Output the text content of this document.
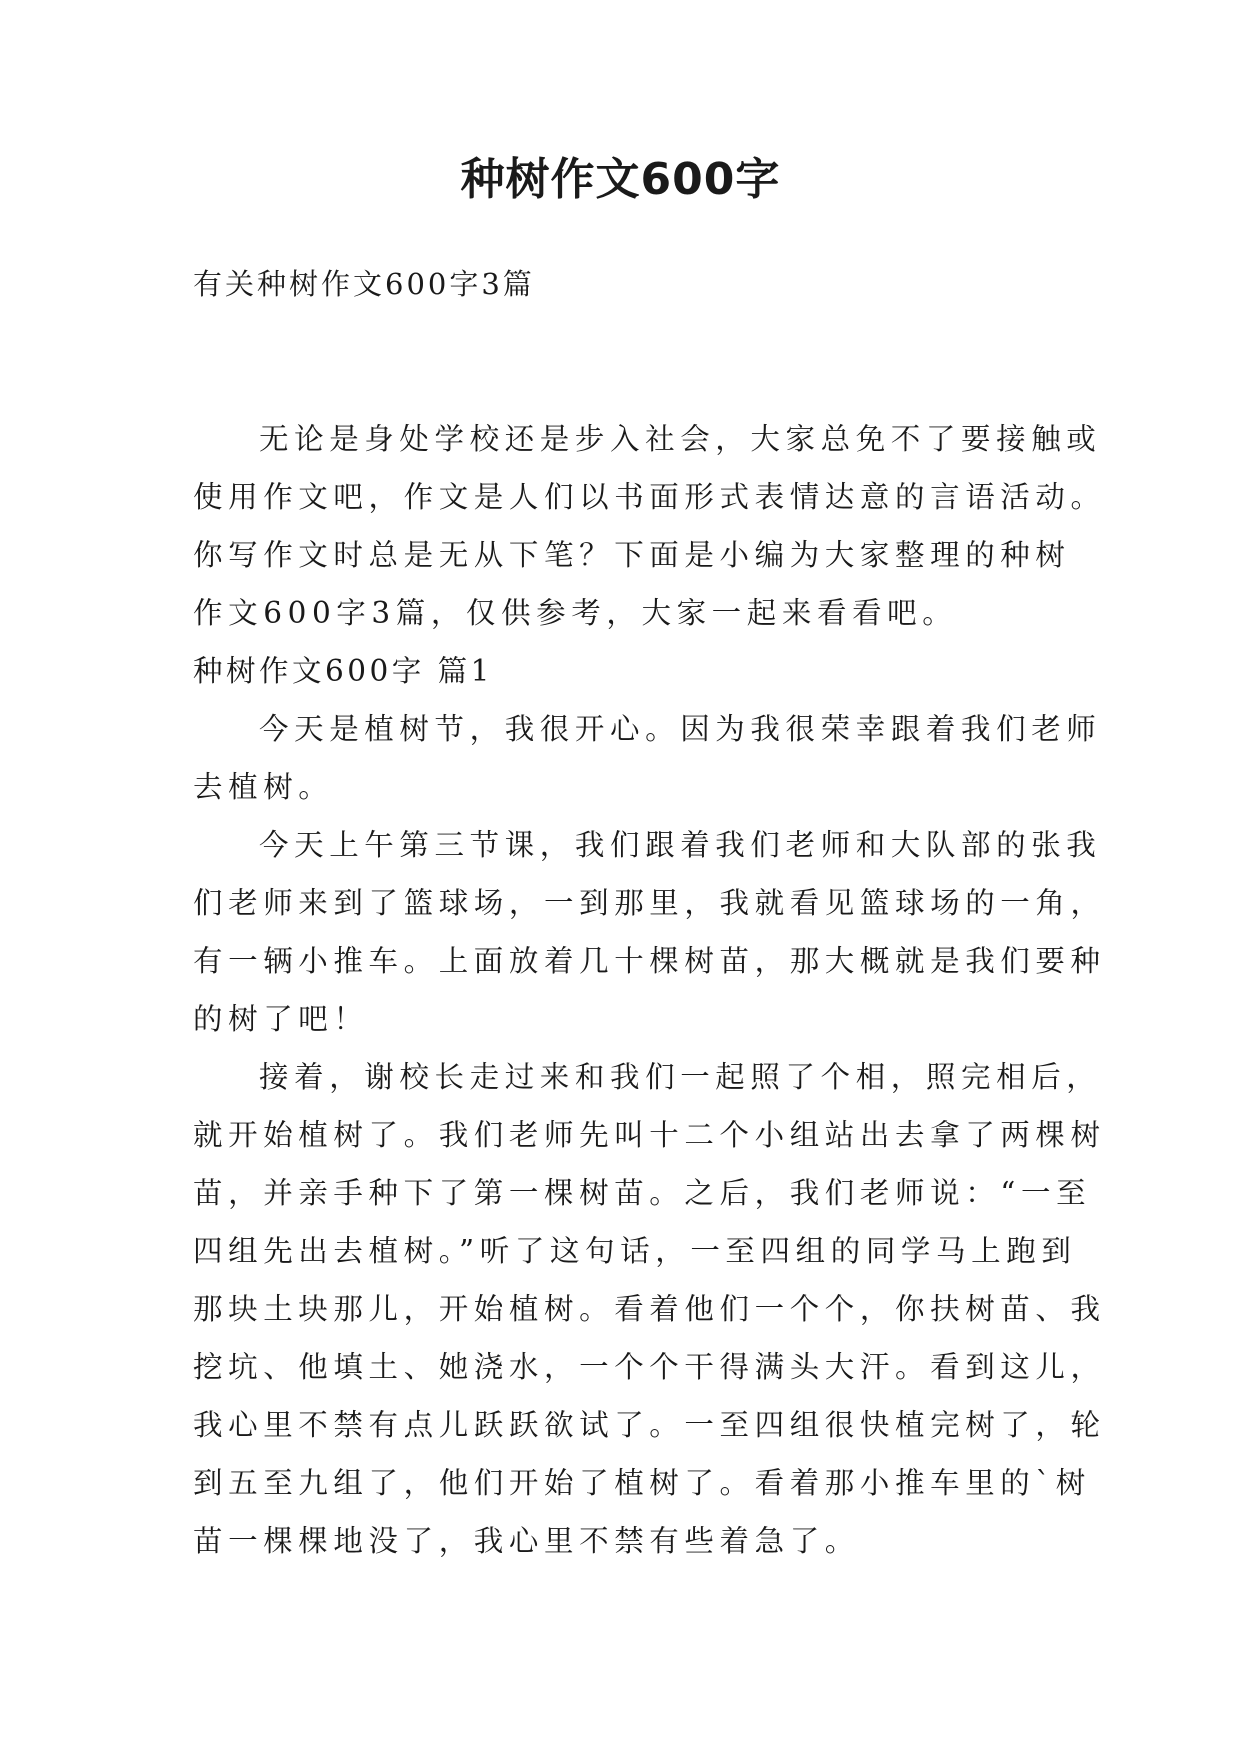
种树作文600字
有关种树作文600字3篇
无论是身处学校还是步入社会，大家总免不了要接触或
使用作文吧，作文是人们以书面形式表情达意的言语活动。
你写作文时总是无从下笔？下面是小编为大家整理的种树
作文600字3篇，仅供参考，大家一起来看看吧。
种树作文600字 篇1
今天是植树节，我很开心。因为我很荣幸跟着我们老师
去植树。
今天上午第三节课，我们跟着我们老师和大队部的张我
们老师来到了篮球场，一到那里，我就看见篮球场的一角，
有一辆小推车。上面放着几十棵树苗，那大概就是我们要种
的树了吧！
接着，谢校长走过来和我们一起照了个相，照完相后，
就开始植树了。我们老师先叫十二个小组站出去拿了两棵树
苗，并亲手种下了第一棵树苗。之后，我们老师说：“一至
四组先出去植树。”听了这句话，一至四组的同学马上跑到
那块土块那儿，开始植树。看着他们一个个，你扶树苗、我
挖坑、他填土、她浇水，一个个干得满头大汗。看到这儿，
我心里不禁有点儿跃跃欲试了。一至四组很快植完树了，轮
到五至九组了，他们开始了植树了。看着那小推车里的`树
苗一棵棵地没了，我心里不禁有些着急了。
